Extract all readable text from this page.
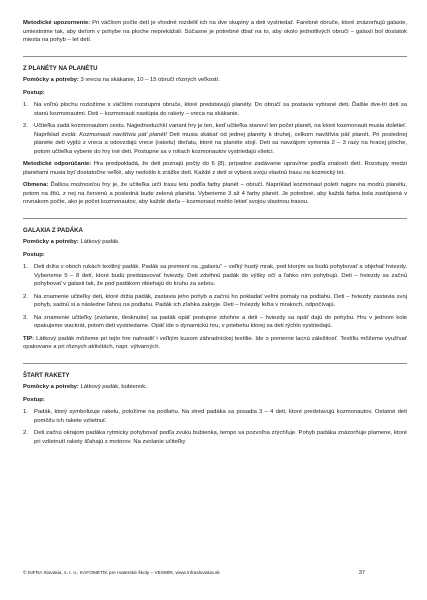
Metodické upozornenie: Pri väčšom počte detí je vhodné rozdeliť ich na dve skupiny a deti vystriedať. Farebné obruče, ktoré znázorňujú galaxie, umiestnime tak, aby deťom v pohybe na ploche neprekážali. Súčasne je potrebné dbať na to, aby okolo jednotlivých obručí – galaxií bol dostatok miesta na pohyb – let detí.

Z PLANÉTY NA PLANÉTU

Pomôcky a potreby: 3 vrecia na skákanie, 10 – 15 obručí rôznych veľkostí.

Postup:

1.	Na voľnú plochu rozložíme s väčšími rozstupmi obruče, ktoré predstavujú planéty. Do obručí sa postavia vybrané deti. Ďalšie dve-tri deti sa stanú kozmonautmi. Deti – kozmonauti nastúpia do rakety – vreca na skákanie.

2.	Učiteľka zadá kozmonautom cestu. Najjednoduchší variant hry je ten, keď učiteľka stanoví len počet planét, na ktoré kozmonauti musia doletieť. Napríklad zvolá: Kozmonauti navštívia päť planét! Deti musia skákať od jednej planéty k druhej, celkom navštívia päť planét. Pri poslednej planéte deti vyjdú z vreca a odovzdajú vrece (raketu) dieťatu, ktoré na planéte stojí. Deti sa navzájom vymenia 2 – 3 razy na hracej ploche, potom učiteľka vyberie do hry iné deti. Postupne sa v roliach kozmonautov vystriedajú všetci.

Metodické odporúčanie: Hra predpokladá, že deti poznajú počty do 6 (8), prípadne zadávanie upravíme podľa znalostí detí. Rozstupy medzi planétami musia byť dostatočne veľké, aby nedošlo k zrážke detí. Každé z detí si vyberá svoju vlastnú trasu na kozmický let.

Obmena: Ďalšou možnosťou hry je, že učiteľka určí trasu letu podľa farby planét – obručí. Napríklad kozmonaut poletí najprv na modrú planétu, potom na žltú, z nej na červenú a posledná bude zelená planéta. Vyberieme 3 až 4 farby planét. Je potrebné, aby každá farba bola zastúpená v rovnakom počte, ako je počet kozmonautov, aby každé dieťa – kozmonaut mohlo letieť svojou vlastnou trasou.

GALAXIA Z PADÁKA

Pomôcky a potreby: Látkový padák.

Postup:

1.	Deti držia v oboch rukách textilný padák. Padák sa premení na „galaxiu“ – veľký hustý mrak, pod ktorým sa budú pohybovať a objehať hviezdy. Vyberieme 5 – 8 detí, ktoré budú predstavovať hviezdy. Deti zdvihnú padák do výšky očí a ľahko ním pohybujú. Deti – hviezdy sa začnú pohybovať v galaxii tak, že pod padákom obiehajú do kruhu za sebou.

2.	Na znamenie učiteľky deti, ktoré držia padák, zastavia jeho pohyb a začnú ho pokladať veľmi pomaly na podlahu. Deti – hviezdy zastavia svoj pohyb, sadnú si a následne ľahnú na podlahu. Padák ich zľahka zakryje. Deti – hviezdy ležia v mrakoch, odpočívajú.

3.	Na znamenie učiteľky (zvolanie, tlesknutie) sa padák opäť postupne zdvihne a deti – hviezdy sa opäť dajú do pohybu. Hru v jednom kole opakujeme viackrát, potom deti vystriedame. Opäť ide o dynamickú hru, v priebehu ktorej sa deti rýchlo vystriedajú.

TIP: Látkový padák môžeme pri tejto hre nahradiť i veľkým kusom záhradníckej textílie. Ide o pomerne lacnú záležitosť. Textíliu môžeme využívať opakovane a pri rôznych aktivitách, napr. výtvarných.

ŠTART RAKETY

Pomôcky a potreby: Látkový padák, bubienok.

Postup:

1.	Padák, ktorý symbolizuje raketu, položíme na podlahu. Na stred padáka sa posadia 3 – 4 deti, ktoré predstavujú kozmonautov. Ostatné deti pomôžu ich rakete vzlietnuť.

2.	Deti začnú okrajom padáka rytmicky pohybovať podľa zvuku bubienka, tempo sa pozvoľna zrýchľuje. Pohyb padáka znázorňuje plamene, ktoré pri vzlietnutí rakety šľahajú z motorov. Na zvolanie učiteľky

© INFRA Slovakia, s. r. o., KAFOMETÍK pre materské školy – VESMÍR, www.infraslovakia.sk	37
